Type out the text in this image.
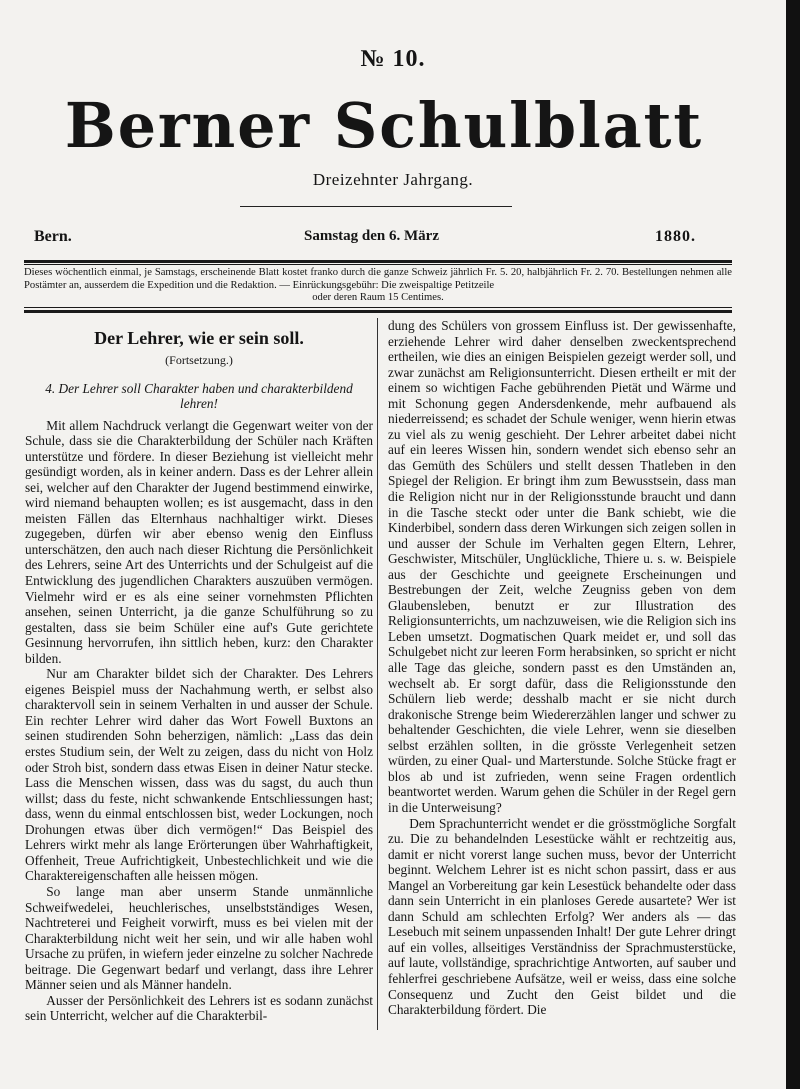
№ 10.
Berner Schulblatt
Dreizehnter Jahrgang.
Bern.	Samstag den 6. März	1880.
Dieses wöchentlich einmal, je Samstags, erscheinende Blatt kostet franko durch die ganze Schweiz jährlich Fr. 5. 20, halbjährlich Fr. 2. 70. Bestellungen nehmen alle Postämter an, ausserdem die Expedition und die Redaktion. — Einrückungsgebühr: Die zweispaltige Petitzeile
oder deren Raum 15 Centimes.
Der Lehrer, wie er sein soll.
(Fortsetzung.)
4. Der Lehrer soll Charakter haben und charakterbildend lehren!

Mit allem Nachdruck verlangt die Gegenwart weiter von der Schule, dass sie die Charakterbildung der Schüler nach Kräften unterstütze und fördere. In dieser Beziehung ist vielleicht mehr gesündigt worden, als in keiner andern. Dass es der Lehrer allein sei, welcher auf den Charakter der Jugend bestimmend einwirke, wird niemand behaupten wollen; es ist ausgemacht, dass in den meisten Fällen das Elternhaus nachhaltiger wirkt. Dieses zugegeben, dürfen wir aber ebenso wenig den Einfluss unterschätzen, den auch nach dieser Richtung die Persönlichkeit des Lehrers, seine Art des Unterrichts und der Schulgeist auf die Entwicklung des jugendlichen Charakters auszuüben vermögen. Vielmehr wird er es als eine seiner vornehmsten Pflichten ansehen, seinen Unterricht, ja die ganze Schulführung so zu gestalten, dass sie beim Schüler eine auf's Gute gerichtete Gesinnung hervorrufen, ihn sittlich heben, kurz: den Charakter bilden.

Nur am Charakter bildet sich der Charakter. Des Lehrers eigenes Beispiel muss der Nachahmung werth, er selbst also charaktervoll sein in seinem Verhalten in und ausser der Schule. Ein rechter Lehrer wird daher das Wort Fowell Buxtons an seinen studirenden Sohn beherzigen, nämlich: „Lass das dein erstes Studium sein, der Welt zu zeigen, dass du nicht von Holz oder Stroh bist, sondern dass etwas Eisen in deiner Natur stecke. Lass die Menschen wissen, dass was du sagst, du auch thun willst; dass du feste, nicht schwankende Entschliessungen hast; dass, wenn du einmal entschlossen bist, weder Lockungen, noch Drohungen etwas über dich vermögen!“ Das Beispiel des Lehrers wirkt mehr als lange Erörterungen über Wahrhaftigkeit, Offenheit, Treue Aufrichtigkeit, Unbestechlichkeit und wie die Charaktereigenschaften alle heissen mögen.

So lange man aber unserm Stande unmännliche Schweifwedelei, heuchlerisches, unselbstständiges Wesen, Nachtreterei und Feigheit vorwirft, muss es bei vielen mit der Charakterbildung nicht weit her sein, und wir alle haben wohl Ursache zu prüfen, in wiefern jeder einzelne zu solcher Nachrede beitrage. Die Gegenwart bedarf und verlangt, dass ihre Lehrer Männer seien und als Männer handeln.

Ausser der Persönlichkeit des Lehrers ist es sodann zunächst sein Unterricht, welcher auf die Charakterbil-

dung des Schülers von grossem Einfluss ist. Der gewissenhafte, erziehende Lehrer wird daher denselben zweckentsprechend ertheilen, wie dies an einigen Beispielen gezeigt werder soll, und zwar zunächst am Religionsunterricht. Diesen ertheilt er mit der einem so wichtigen Fache gebührenden Pietät und Wärme und mit Schonung gegen Andersdenkende, mehr aufbauend als niederreissend; es schadet der Schule weniger, wenn hierin etwas zu viel als zu wenig geschieht. Der Lehrer arbeitet dabei nicht auf ein leeres Wissen hin, sondern wendet sich ebenso sehr an das Gemüth des Schülers und stellt dessen Thatleben in den Spiegel der Religion. Er bringt ihm zum Bewusstsein, dass man die Religion nicht nur in der Religionsstunde braucht und dann in die Tasche steckt oder unter die Bank schiebt, wie die Kinderbibel, sondern dass deren Wirkungen sich zeigen sollen in und ausser der Schule im Verhalten gegen Eltern, Lehrer, Geschwister, Mitschüler, Unglückliche, Thiere u. s. w. Beispiele aus der Geschichte und geeignete Erscheinungen und Bestrebungen der Zeit, welche Zeugniss geben von dem Glaubensleben, benutzt er zur Illustration des Religionsunterrichts, um nachzuweisen, wie die Religion sich ins Leben umsetzt. Dogmatischen Quark meidet er, und soll das Schulgebet nicht zur leeren Form herabsinken, so spricht er nicht alle Tage das gleiche, sondern passt es den Umständen an, wechselt ab. Er sorgt dafür, dass die Religionsstunde den Schülern lieb werde; desshalb macht er sie nicht durch drakonische Strenge beim Wiedererzählen langer und schwer zu behaltender Geschichten, die viele Lehrer, wenn sie dieselben selbst erzählen sollten, in die grösste Verlegenheit setzen würden, zu einer Qual- und Marterstunde. Solche Stücke fragt er blos ab und ist zufrieden, wenn seine Fragen ordentlich beantwortet werden. Warum gehen die Schüler in der Regel gern in die Unterweisung?

Dem Sprachunterricht wendet er die grösstmögliche Sorgfalt zu. Die zu behandelnden Lesestücke wählt er rechtzeitig aus, damit er nicht vorerst lange suchen muss, bevor der Unterricht beginnt. Welchem Lehrer ist es nicht schon passirt, dass er aus Mangel an Vorbereitung gar kein Lesestück behandelte oder dass dann sein Unterricht in ein planloses Gerede ausartete? Wer ist dann Schuld am schlechten Erfolg? Wer anders als — das Lesebuch mit seinem unpassenden Inhalt! Der gute Lehrer dringt auf ein volles, allseitiges Verständniss der Sprachmusterstücke, auf laute, vollständige, sprachrichtige Antworten, auf sauber und fehlerfrei geschriebene Aufsätze, weil er weiss, dass eine solche Consequenz und Zucht den Geist bildet und die Charakterbildung fördert. Die
